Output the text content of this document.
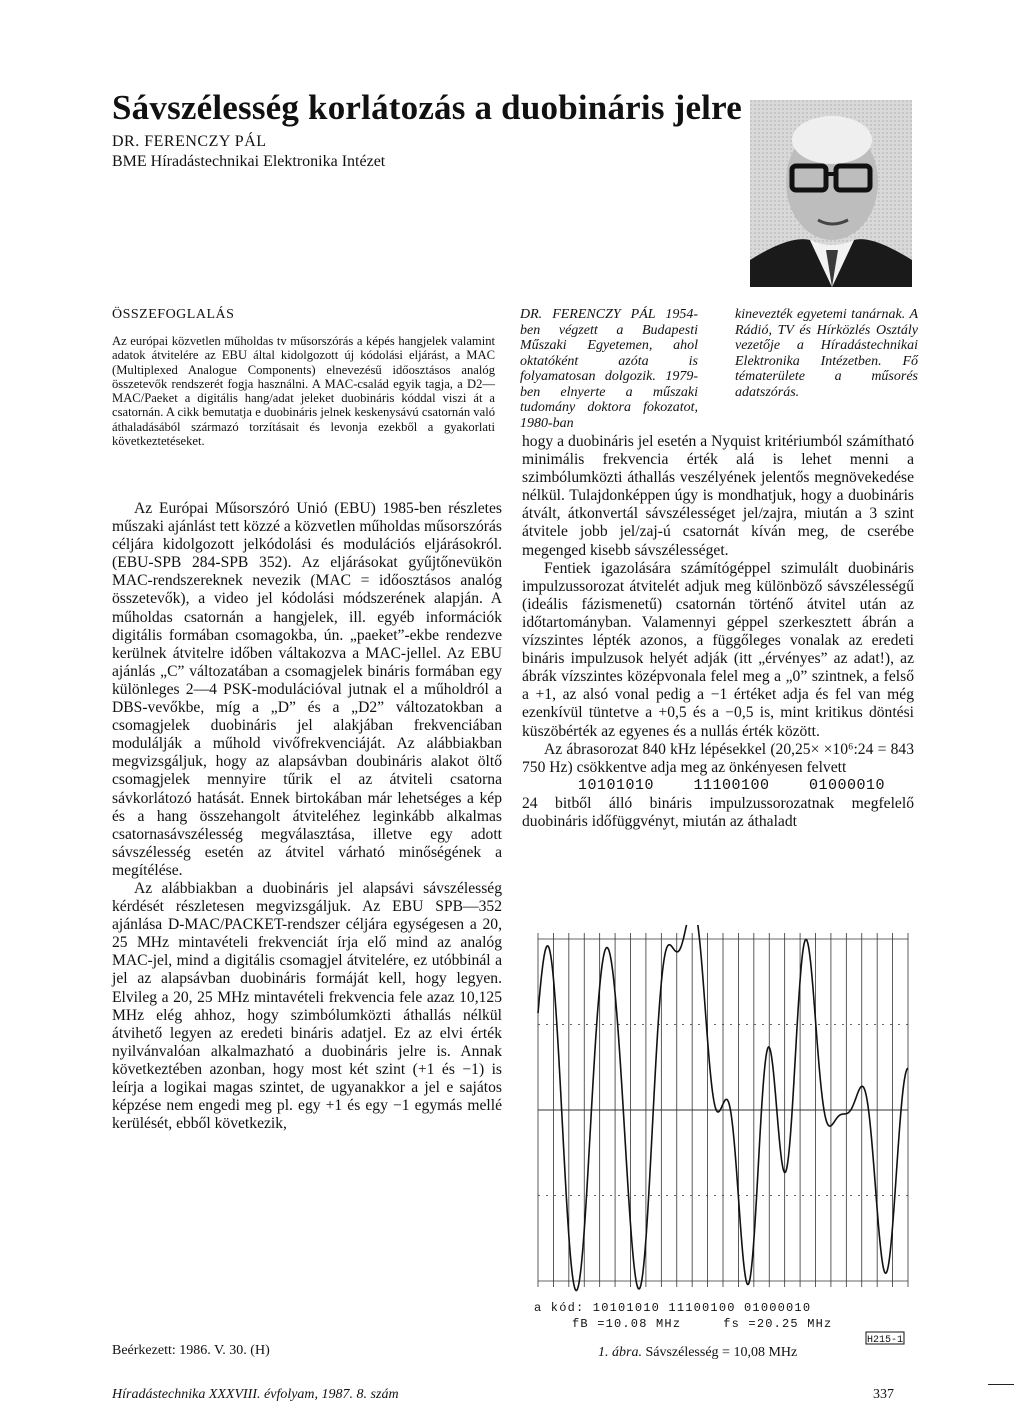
Sávszélesség korlátozás a duobináris jelre
DR. FERENCZY PÁL
BME Híradástechnikai Elektronika Intézet
ÖSSZEFOGLALÁS
Az európai közvetlen műholdas tv műsorszórás a képés hangjelek valamint adatok átvitelére az EBU által kidolgozott új kódolási eljárást, a MAC (Multiplexed Analogue Components) elnevezésű időosztásos analóg összetevők rendszerét fogja használni. A MAC-család egyik tagja, a D2—MAC/Paeket a digitális hang/adat jeleket duobináris kóddal viszi át a csatornán. A cikk bemutatja e duobináris jelnek keskenysávú csatornán való áthaladásából származó torzításait és levonja ezekből a gyakorlati következtetéseket.

Az Európai Műsorszóró Unió (EBU) 1985-ben részletes műszaki ajánlást tett közzé a közvetlen műholdas műsorszórás céljára kidolgozott jelkódolási és modulációs eljárásokról. (EBU-SPB 284-SPB 352). Az eljárásokat gyűjtőnevükön MAC-rendszereknek nevezik (MAC = időosztásos analóg összetevők), a video jel kódolási módszerének alapján. A műholdas csatornán a hangjelek, ill. egyéb információk digitális formában csomagokba, ún. „paeket”-ekbe rendezve kerülnek átvitelre időben váltakozva a MAC-jellel. Az EBU ajánlás „C” változatában a csomagjelek bináris formában egy különleges 2—4 PSK-modulációval jutnak el a műholdról a DBS-vevőkbe, míg a „D” és a „D2” változatokban a csomagjelek duobináris jel alakjában frekvenciában modulálják a műhold vivőfrekvenciáját. Az alábbiakban megvizsgáljuk, hogy az alapsávban doubináris alakot öltő csomagjelek mennyire tűrik el az átviteli csatorna sávkorlátozó hatását. Ennek birtokában már lehetséges a kép és a hang összehangolt átviteléhez leginkább alkalmas csatornasávszélesség megválasztása, illetve egy adott sávszélesség esetén az átvitel várható minőségének a megítélése.

Az alábbiakban a duobináris jel alapsávi sávszélesség kérdését részletesen megvizsgáljuk. Az EBU SPB—352 ajánlása D-MAC/PACKET-rendszer céljára egységesen a 20, 25 MHz mintavételi frekvenciát írja elő mind az analóg MAC-jel, mind a digitális csomagjel átvitelére, ez utóbbinál a jel az alapsávban duobináris formáját kell, hogy legyen. Elvileg a 20, 25 MHz mintavételi frekvencia fele azaz 10,125 MHz elég ahhoz, hogy szimbólumközti áthallás nélkül átvihető legyen az eredeti bináris adatjel. Ez az elvi érték nyilvánvalóan alkalmazható a duobináris jelre is. Annak következtében azonban, hogy most két szint (+1 és −1) is leírja a logikai magas szintet, de ugyanakkor a jel e sajátos képzése nem engedi meg pl. egy +1 és egy −1 egymás mellé kerülését, ebből következik,

DR. FERENCZY PÁL 1954-ben végzett a Budapesti Műszaki Egyetemen, ahol oktatóként azóta is folyamatosan dolgozik. 1979-ben elnyerte a műszaki tudomány doktora fokozatot, 1980-ban
kinevezték egyetemi tanárnak. A Rádió, TV és Hírközlés Osztály vezetője a Híradástechnikai Elektronika Intézetben. Fő tématerülete a műsorés adatszórás.

hogy a duobináris jel esetén a Nyquist kritériumból számítható minimális frekvencia érték alá is lehet menni a szimbólumközti áthallás veszélyének jelentős megnövekedése nélkül. Tulajdonképpen úgy is mondhatjuk, hogy a duobináris átvált, átkonvertál sávszélességet jel/zajra, miután a 3 szint átvitele jobb jel/zaj-ú csatornát kíván meg, de cserébe megenged kisebb sávszélességet.

Fentiek igazolására számítógéppel szimulált duobináris impulzussorozat átvitelét adjuk meg különböző sávszélességű (ideális fázismenetű) csatornán történő átvitel után az időtartományban. Valamennyi géppel szerkesztett ábrán a vízszintes lépték azonos, a függőleges vonalak az eredeti bináris impulzusok helyét adják (itt „érvényes” az adat!), az ábrák vízszintes középvonala felel meg a „0” szintnek, a felső a +1, az alsó vonal pedig a −1 értéket adja és fel van még ezenkívül tüntetve a +0,5 és a −0,5 is, mint kritikus döntési küszöbérték az egyenes és a nullás érték között.

Az ábrasorozat 840 kHz lépésekkel (20,25× ×10⁶:24 = 843 750 Hz) csökkentve adja meg az önkényesen felvett

10101010 11100100 01000010

24 bitből álló bináris impulzussorozatnak megfelelő duobináris időfüggvényt, miután az áthaladt

a kód: 10101010 11100100 01000010
fB =10.08 MHz     fs =20.25 MHz
H215-1
1. ábra. Sávszélesség = 10,08 MHz
Beérkezett: 1986. V. 30. (H)
Híradástechnika XXXVIII. évfolyam, 1987. 8. szám	337
